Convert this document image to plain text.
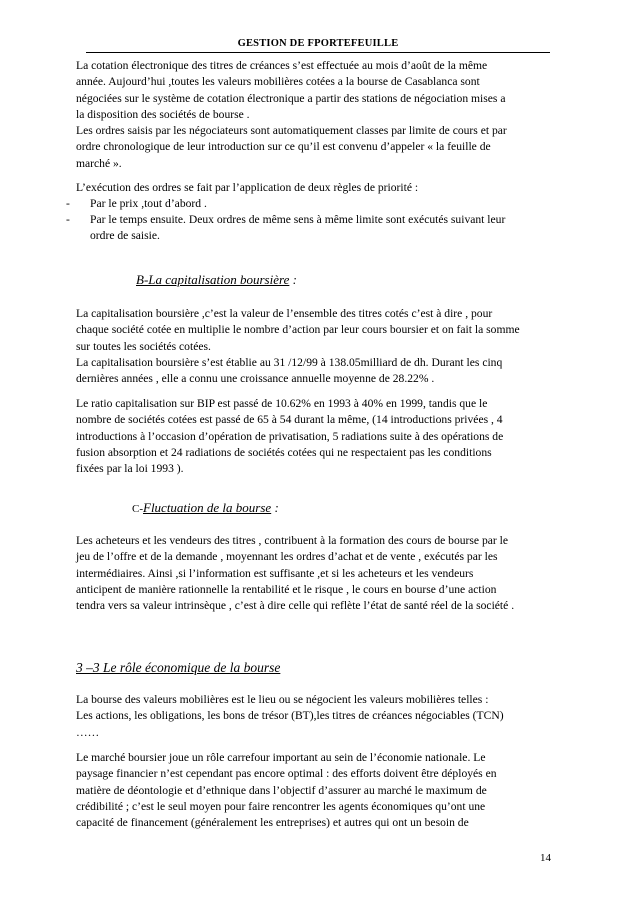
GESTION DE FPORTEFEUILLE
La cotation électronique des titres de créances s’est effectuée au mois d’août de la même
année. Aujourd’hui ,toutes les valeurs mobilières cotées a la bourse de Casablanca sont
négociées sur le système de cotation électronique a partir des stations de négociation mises a
la disposition des sociétés de bourse .
Les ordres saisis par les négociateurs sont automatiquement classes par limite de cours et par
ordre chronologique de leur introduction sur ce qu’il est convenu d’appeler « la feuille de
marché ».
L’exécution des ordres se fait par l’application de deux règles de priorité :
- Par le prix ,tout d’abord .
- Par le temps ensuite. Deux ordres de même sens à même limite sont exécutés suivant leur
ordre de saisie.
B-La capitalisation boursière :
La capitalisation boursière ,c’est la valeur de l’ensemble des titres cotés c’est à dire , pour
chaque société cotée en multiplie le nombre d’action par leur cours boursier et on fait la somme
sur toutes les sociétés cotées.
La capitalisation boursière s’est établie au 31 /12/99 à 138.05milliard de dh. Durant les cinq
dernières années , elle a connu une croissance annuelle moyenne de 28.22% .
Le ratio capitalisation sur BIP est passé de 10.62% en 1993 à 40% en 1999, tandis que le
nombre de sociétés cotées est passé de 65 à 54 durant la même, (14 introductions privées , 4
introductions à l’occasion d’opération de privatisation, 5 radiations suite à des opérations de
fusion absorption et 24 radiations de sociétés cotées qui ne respectaient pas les conditions
fixées par la loi 1993 ).
C-Fluctuation de la bourse :
Les acheteurs et les vendeurs des titres , contribuent à la formation des cours de bourse par le
jeu de l’offre et de la demande , moyennant les ordres d’achat et de vente , exécutés par les
intermédiaires. Ainsi ,si l’information est suffisante ,et si les acheteurs et les vendeurs
anticipent de manière rationnelle la rentabilité et le risque , le cours en bourse d’une action
tendra vers sa valeur intrinsèque , c’est à dire celle qui reflète l’état de santé réel de la société .
3 –3 Le rôle économique de la bourse
La bourse des valeurs mobilières est le lieu ou se négocient les valeurs mobilières telles :
Les actions, les obligations, les bons de trésor (BT),les titres de créances négociables (TCN)
……
Le marché boursier joue un rôle carrefour important au sein de l’économie nationale. Le
paysage financier n’est cependant pas encore optimal : des efforts doivent être déployés en
matière de déontologie et d’ethnique dans l’objectif d’assurer au marché le maximum de
crédibilité ; c’est le seul moyen pour faire rencontrer les agents économiques qu’ont une
capacité de financement (généralement les entreprises) et autres qui ont un besoin de
14
